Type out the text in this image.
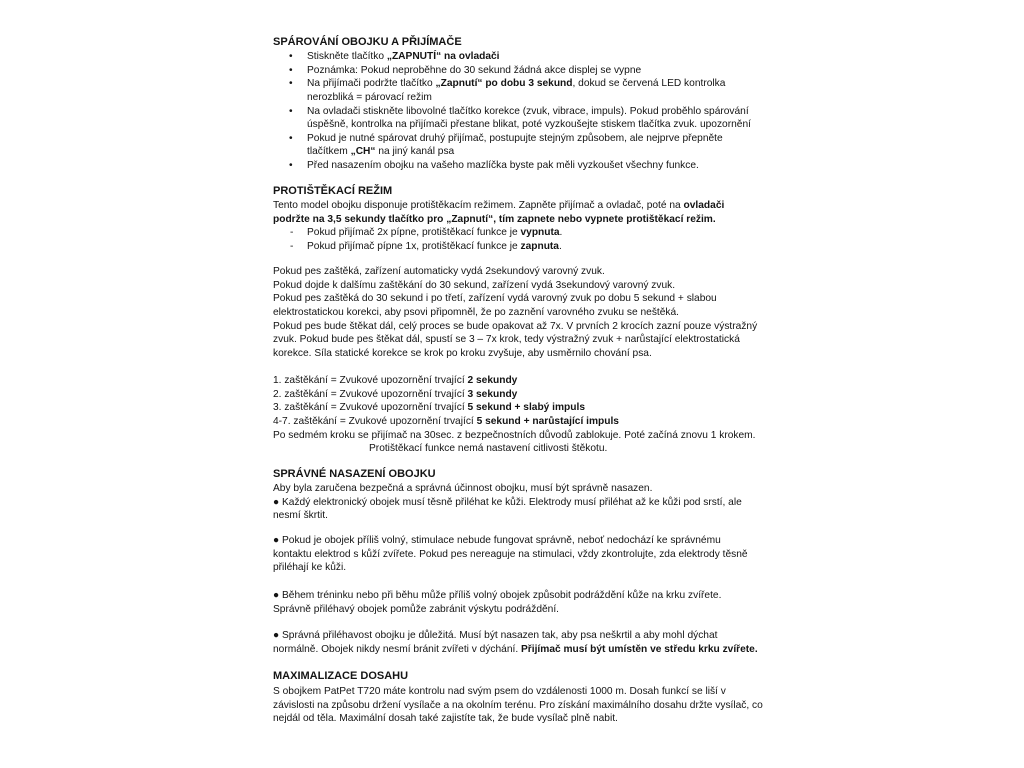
SPÁROVÁNÍ OBOJKU A PŘIJÍMAČE
• Stiskněte tlačítko „ZAPNUTÍ“ na ovladači
• Poznámka: Pokud neproběhne do 30 sekund žádná akce displej se vypne
• Na přijímači podržte tlačítko „Zapnutí“ po dobu 3 sekund, dokud se červená LED kontrolka
nerozbliká = párovací režim
• Na ovladači stiskněte libovolné tlačítko korekce (zvuk, vibrace, impuls). Pokud proběhlo spárování
úspěšně, kontrolka na přijímači přestane blikat, poté vyzkoušejte stiskem tlačítka zvuk. upozornění
• Pokud je nutné spárovat druhý přijímač, postupujte stejným způsobem, ale nejprve přepněte
tlačítkem „CH“ na jiný kanál psa
• Před nasazením obojku na vašeho mazlíčka byste pak měli vyzkoušet všechny funkce.
PROTIŠTĚKACÍ REŽIM
Tento model obojku disponuje protištěkacím režimem. Zapněte přijímač a ovladač, poté na ovladači
podržte na 3,5 sekundy tlačítko pro „Zapnutí“, tím zapnete nebo vypnete protištěkací režim.
- Pokud přijímač 2x pípne, protištěkací funkce je vypnuta.
- Pokud přijímač pípne 1x, protištěkací funkce je zapnuta.
Pokud pes zaštěká, zařízení automaticky vydá 2sekundový varovný zvuk.
Pokud dojde k dalšímu zaštěkání do 30 sekund, zařízení vydá 3sekundový varovný zvuk.
Pokud pes zaštěká do 30 sekund i po třetí, zařízení vydá varovný zvuk po dobu 5 sekund + slabou
elektrostatickou korekci, aby psovi připomněl, že po zaznění varovného zvuku se neštěká.
Pokud pes bude štěkat dál, celý proces se bude opakovat až 7x. V prvních 2 krocích zazní pouze výstražný
zvuk. Pokud bude pes štěkat dál, spustí se 3 – 7x krok, tedy výstražný zvuk + narůstající elektrostatická
korekce. Síla statické korekce se krok po kroku zvyšuje, aby usměrnilo chování psa.
1. zaštěkání = Zvukové upozornění trvající 2 sekundy
2. zaštěkání = Zvukové upozornění trvající 3 sekundy
3. zaštěkání = Zvukové upozornění trvající 5 sekund + slabý impuls
4-7. zaštěkání = Zvukové upozornění trvající 5 sekund + narůstající impuls
Po sedmém kroku se přijímač na 30sec. z bezpečnostních důvodů zablokuje. Poté začíná znovu 1 krokem.
Protištěkací funkce nemá nastavení citlivosti štěkotu.
SPRÁVNÉ NASAZENÍ OBOJKU
Aby byla zaručena bezpečná a správná účinnost obojku, musí být správně nasazen.
● Každý elektronický obojek musí těsně přiléhat ke kůži. Elektrody musí přiléhat až ke kůži pod srstí, ale
nesmí škrtit.
● Pokud je obojek příliš volný, stimulace nebude fungovat správně, neboť nedochází ke správnému
kontaktu elektrod s kůží zvířete. Pokud pes nereaguje na stimulaci, vždy zkontrolujte, zda elektrody těsně
přiléhají ke kůži.
● Během tréninku nebo při běhu může příliš volný obojek způsobit podráždění kůže na krku zvířete.
Správně přiléhavý obojek pomůže zabránit výskytu podráždění.
● Správná přiléhavost obojku je důležitá. Musí být nasazen tak, aby psa neškrtil a aby mohl dýchat
normálně. Obojek nikdy nesmí bránit zvířeti v dýchání. Přijímač musí být umístěn ve středu krku zvířete.
MAXIMALIZACE DOSAHU
S obojkem PatPet T720 máte kontrolu nad svým psem do vzdálenosti 1000 m. Dosah funkcí se liší v
závislosti na způsobu držení vysílače a na okolním terénu. Pro získání maximálního dosahu držte vysílač, co
nejdál od těla. Maximální dosah také zajistíte tak, že bude vysílač plně nabit.
